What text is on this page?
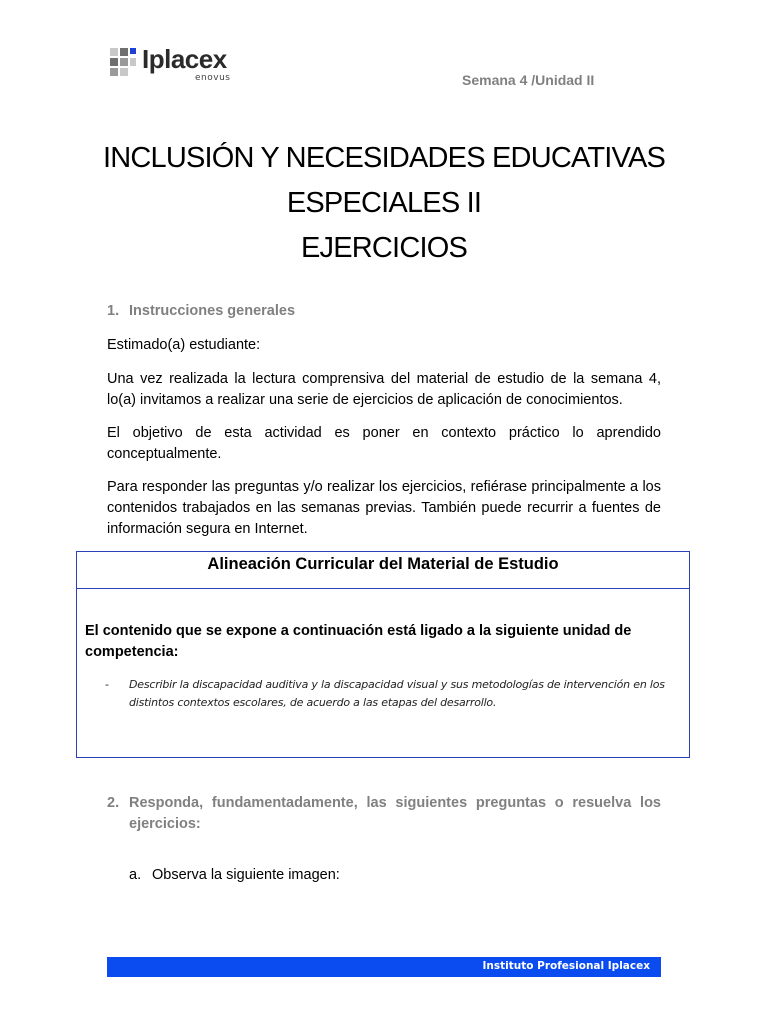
Iplacex
enovus	Semana 4 /Unidad II
INCLUSIÓN Y NECESIDADES EDUCATIVAS
ESPECIALES II
EJERCICIOS
1. Instrucciones generales
Estimado(a) estudiante:
Una vez realizada la lectura comprensiva del material de estudio de la semana 4, lo(a) invitamos a realizar una serie de ejercicios de aplicación de conocimientos.
El objetivo de esta actividad es poner en contexto práctico lo aprendido conceptualmente.
Para responder las preguntas y/o realizar los ejercicios, refiérase principalmente a los contenidos trabajados en las semanas previas. También puede recurrir a fuentes de información segura en Internet.
Alineación Curricular del Material de Estudio
El contenido que se expone a continuación está ligado a la siguiente unidad de competencia:
- Describir la discapacidad auditiva y la discapacidad visual y sus metodologías de intervención en los distintos contextos escolares, de acuerdo a las etapas del desarrollo.
2. Responda, fundamentadamente, las siguientes preguntas o resuelva los ejercicios:
a. Observa la siguiente imagen:
Instituto Profesional Iplacex
